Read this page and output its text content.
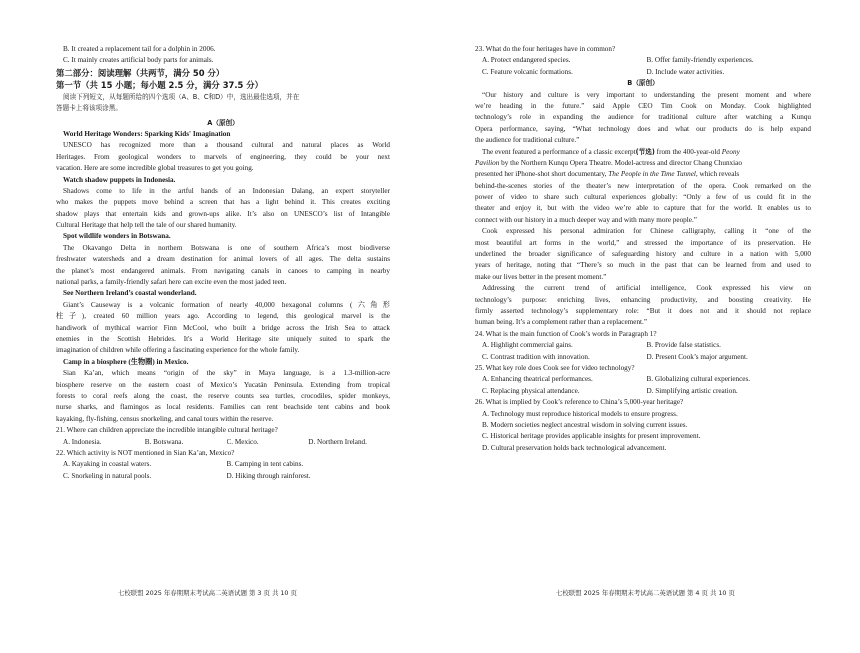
B. It created a replacement tail for a dolphin in 2006.
C. It mainly creates artificial body parts for animals.
第二部分：阅读理解（共两节，满分 50 分）
第一节（共 15 小题；每小题 2.5 分，满分 37.5 分）
阅读下列短文，从每题所给的四个选项（A、B、C和D）中，选出最佳选项，并在
答题卡上将该项涂黑。
A（原创）
World Heritage Wonders: Sparking Kids' Imagination
UNESCO has recognized more than a thousand cultural and natural places as World
Heritages. From geological wonders to marvels of engineering, they could be your next
vacation. Here are some incredible global treasures to get you going.
Watch shadow puppets in Indonesia.
Shadows come to life in the artful hands of an Indonesian Dalang, an expert storyteller
who makes the puppets move behind a screen that has a light behind it. This creates exciting
shadow plays that entertain kids and grown-ups alike. It’s also on UNESCO’s list of Intangible
Cultural Heritage that help tell the tale of our shared humanity.
Spot wildlife wonders in Botswana.
The Okavango Delta in northern Botswana is one of southern Africa’s most biodiverse
freshwater watersheds and a dream destination for animal lovers of all ages. The delta sustains
the planet’s most endangered animals. From navigating canals in canoes to camping in nearby
national parks, a family-friendly safari here can excite even the most jaded teen.
See Northern Ireland’s coastal wonderland.
Giant’s Causeway is a volcanic formation of nearly 40,000 hexagonal columns (六角形
柱子), created 60 million years ago. According to legend, this geological marvel is the
handiwork of mythical warrior Finn McCool, who built a bridge across the Irish Sea to attack
enemies in the Scottish Hebrides. It's a World Heritage site uniquely suited to spark the
imagination of children while offering a fascinating experience for the whole family.
Camp in a biosphere (生物圈) in Mexico.
Sian Ka’an, which means “origin of the sky” in Maya language, is a 1.3-million-acre
biosphere reserve on the eastern coast of Mexico’s Yucatán Peninsula. Extending from tropical
forests to coral reefs along the coast, the reserve counts sea turtles, crocodiles, spider monkeys,
nurse sharks, and flamingos as local residents. Families can rent beachside tent cabins and book
kayaking, fly-fishing, census snorkeling, and canal tours within the reserve.
21. Where can children appreciate the incredible intangible cultural heritage?
A. Indonesia.	B. Botswana.	C. Mexico.	D. Northern Ireland.
22. Which activity is NOT mentioned in Sian Ka’an, Mexico?
A. Kayaking in coastal waters.	B. Camping in tent cabins.
C. Snorkeling in natural pools.	D. Hiking through rainforest.
七校联盟 2025 年春期期末考试高二英语试题 第 3 页 共 10 页
23. What do the four heritages have in common?
A. Protect endangered species.	B. Offer family-friendly experiences.
C. Feature volcanic formations.	D. Include water activities.
B（原创）
“Our history and culture is very important to understanding the present moment and where
we’re heading in the future.” said Apple CEO Tim Cook on Monday. Cook highlighted
technology’s role in expanding the audience for traditional culture after watching a Kunqu
Opera performance, saying, “What technology does and what our products do is help expand
the audience for traditional culture.”
The event featured a performance of a classic excerpt(节选) from the 400-year-old Peony
Pavilion by the Northern Kunqu Opera Theatre. Model-actress and director Chang Chunxiao
presented her iPhone-shot short documentary, The People in the Time Tunnel, which reveals
behind-the-scenes stories of the theater’s new interpretation of the opera. Cook remarked on the
power of video to share such cultural experiences globally: “Only a few of us could fit in the
theater and enjoy it, but with the video we’re able to capture that for the world. It enables us to
connect with our history in a much deeper way and with many more people.”
Cook expressed his personal admiration for Chinese calligraphy, calling it “one of the
most beautiful art forms in the world,” and stressed the importance of its preservation. He
underlined the broader significance of safeguarding history and culture in a nation with 5,000
years of heritage, noting that “There’s so much in the past that can be learned from and used to
make our lives better in the present moment.”
Addressing the current trend of artificial intelligence, Cook expressed his view on
technology’s purpose: enriching lives, enhancing productivity, and boosting creativity. He
firmly asserted technology’s supplementary role: “But it does not and it should not replace
human being. It’s a complement rather than a replacement.”
24. What is the main function of Cook’s words in Paragraph 1?
A. Highlight commercial gains.	B. Provide false statistics.
C. Contrast tradition with innovation.	D. Present Cook’s major argument.
25. What key role does Cook see for video technology?
A. Enhancing theatrical performances.	B. Globalizing cultural experiences.
C. Replacing physical attendance.	D. Simplifying artistic creation.
26. What is implied by Cook’s reference to China’s 5,000-year heritage?
A. Technology must reproduce historical models to ensure progress.
B. Modern societies neglect ancestral wisdom in solving current issues.
C. Historical heritage provides applicable insights for present improvement.
D. Cultural preservation holds back technological advancement.
七校联盟 2025 年春期期末考试高二英语试题 第 4 页 共 10 页
